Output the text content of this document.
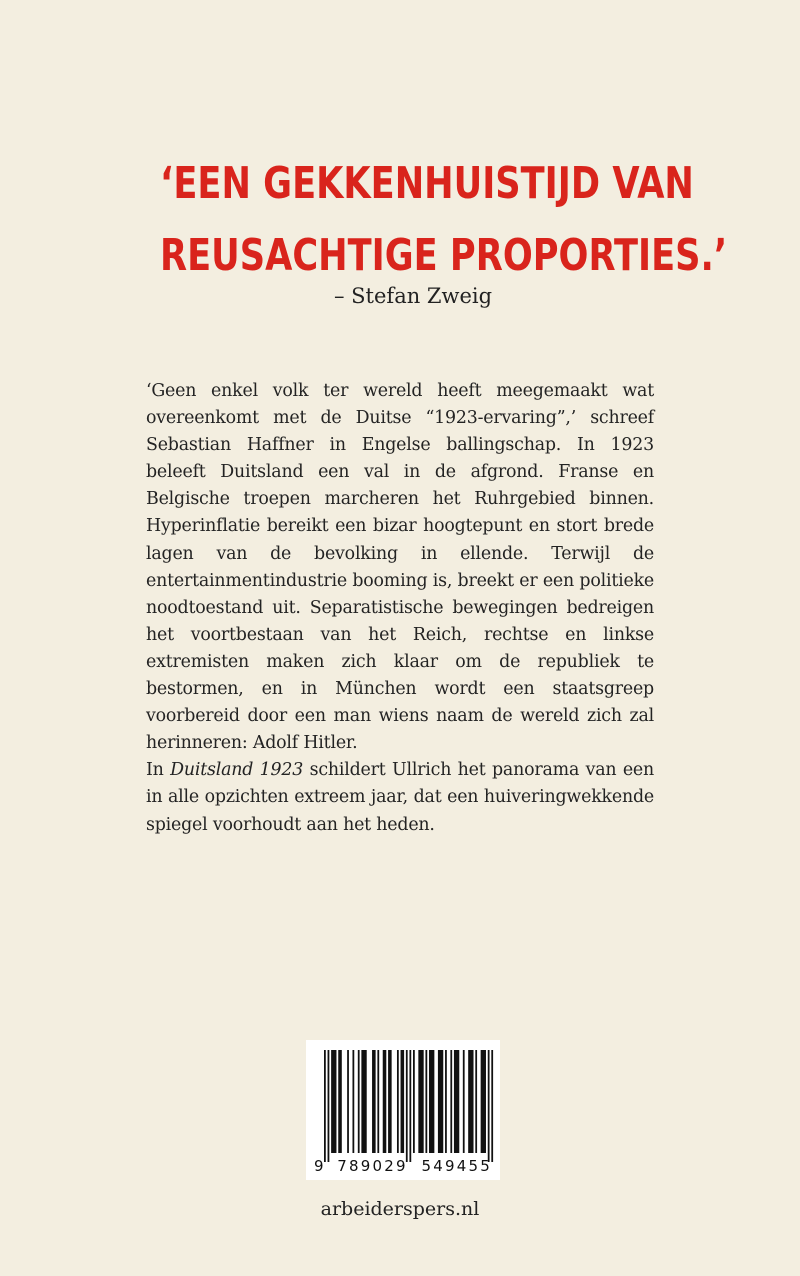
‘EEN GEKKENHUISTIJD VAN
REUSACHTIGE PROPORTIES.’
– Stefan Zweig

‘Geen enkel volk ter wereld heeft meegemaakt wat overeenkomt met de Duitse “1923-ervaring”,’ schreef Sebastian Haffner in Engelse ballingschap. In 1923 beleeft Duitsland een val in de afgrond. Franse en Belgische troepen marcheren het Ruhrgebied binnen. Hyperinflatie bereikt een bizar hoogtepunt en stort brede lagen van de bevolking in ellende. Terwijl de entertainmentindustrie booming is, breekt er een politieke noodtoestand uit. Separatistische bewegingen bedreigen het voortbestaan van het Reich, rechtse en linkse extremisten maken zich klaar om de republiek te bestormen, en in München wordt een staatsgreep voorbereid door een man wiens naam de wereld zich zal herinneren: Adolf Hitler.

In Duitsland 1923 schildert Ullrich het panorama van een in alle opzichten extreem jaar, dat een huiveringwekkende spiegel voorhoudt aan het heden.

9 789029 549455
arbeiderspers.nl
